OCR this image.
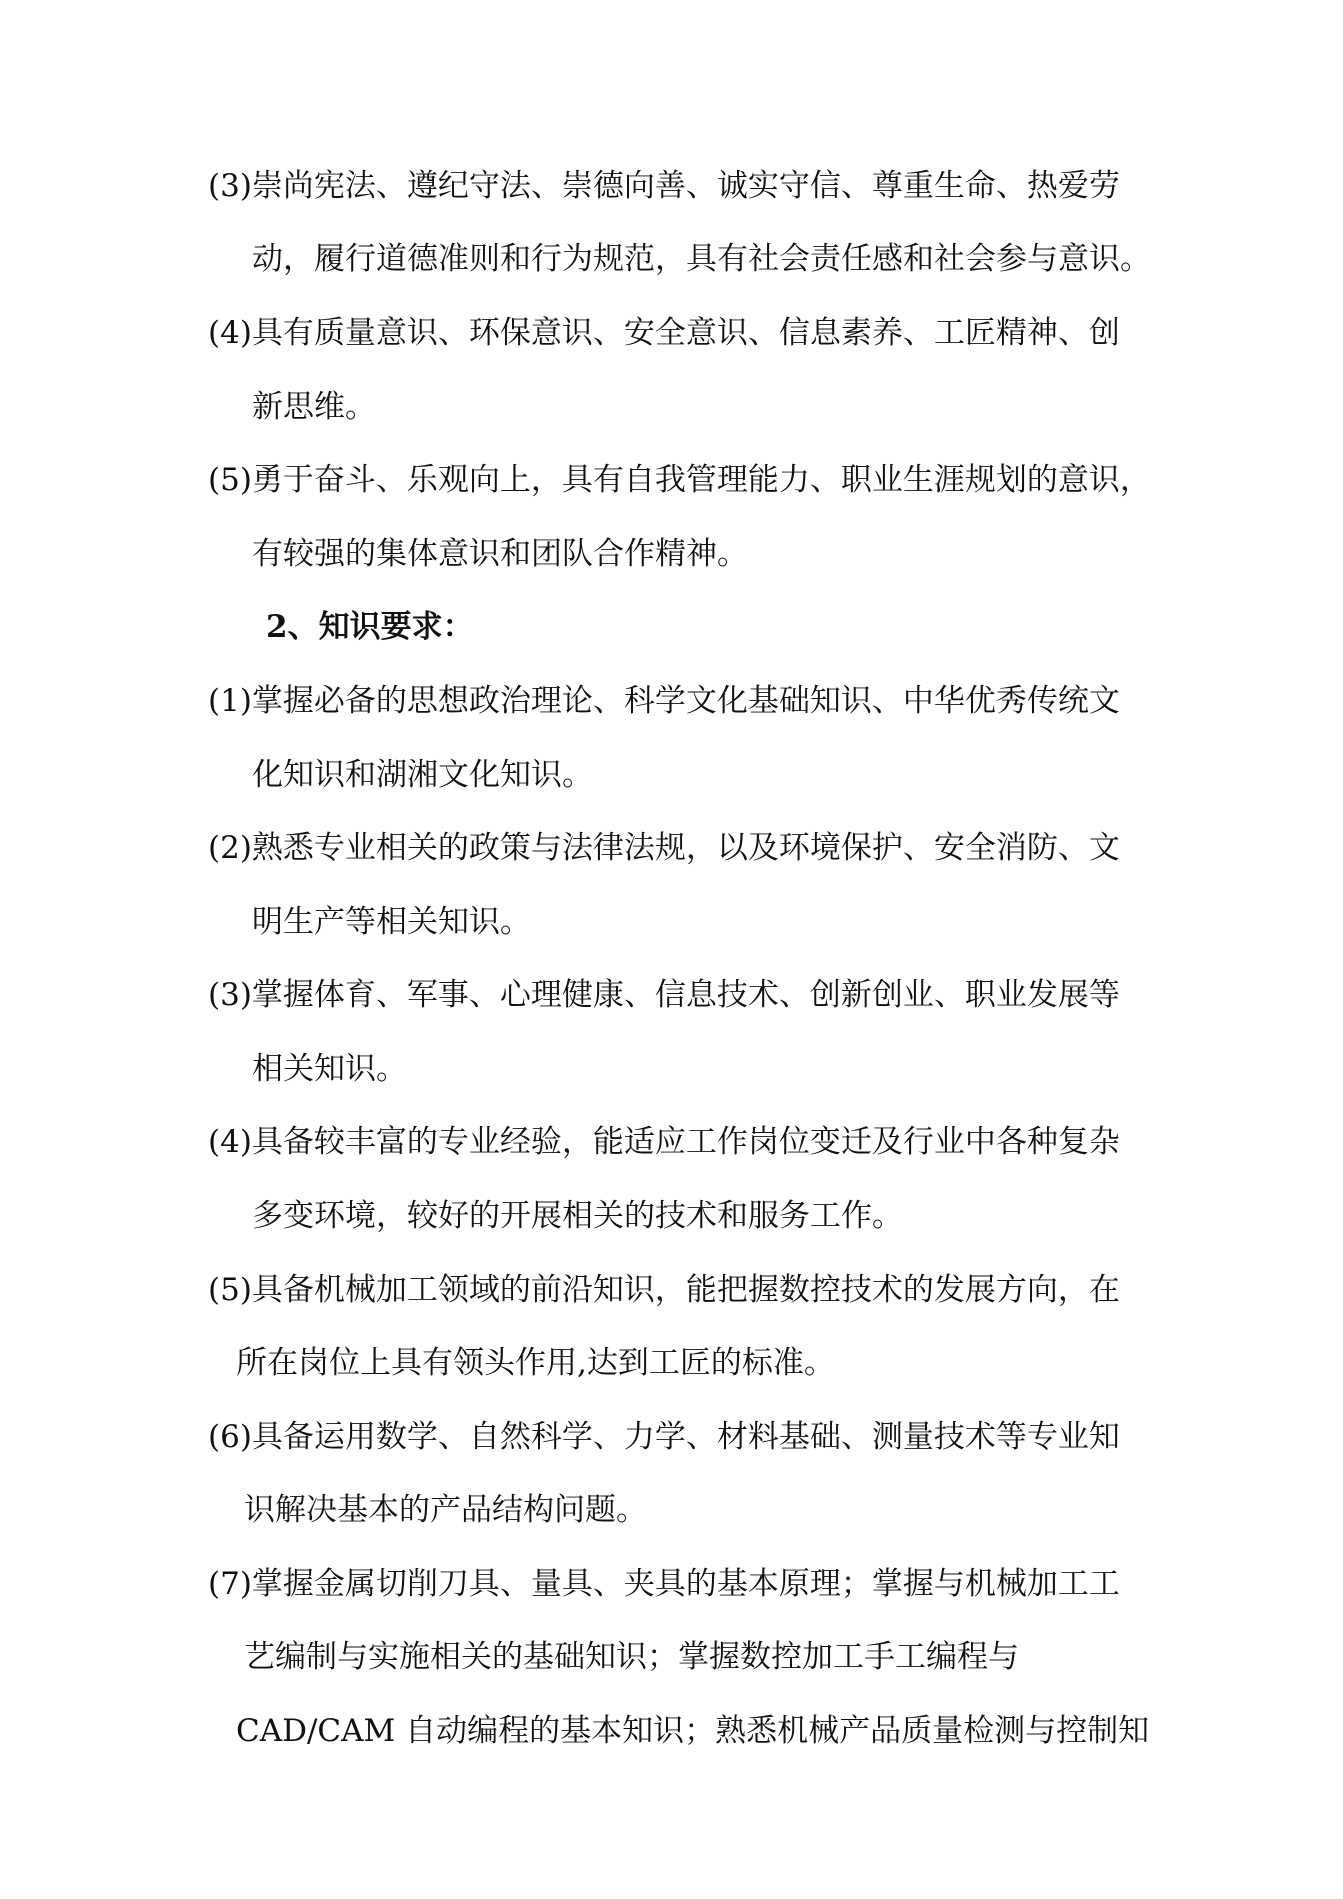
(3)崇尚宪法、遵纪守法、崇德向善、诚实守信、尊重生命、热爱劳
动，履行道德准则和行为规范，具有社会责任感和社会参与意识。
(4)具有质量意识、环保意识、安全意识、信息素养、工匠精神、创
新思维。
(5)勇于奋斗、乐观向上，具有自我管理能力、职业生涯规划的意识，
有较强的集体意识和团队合作精神。
2、知识要求：
(1)掌握必备的思想政治理论、科学文化基础知识、中华优秀传统文
化知识和湖湘文化知识。
(2)熟悉专业相关的政策与法律法规，以及环境保护、安全消防、文
明生产等相关知识。
(3)掌握体育、军事、心理健康、信息技术、创新创业、职业发展等
相关知识。
(4)具备较丰富的专业经验，能适应工作岗位变迁及行业中各种复杂
多变环境，较好的开展相关的技术和服务工作。
(5)具备机械加工领域的前沿知识，能把握数控技术的发展方向，在
所在岗位上具有领头作用,达到工匠的标准。
(6)具备运用数学、自然科学、力学、材料基础、测量技术等专业知
识解决基本的产品结构问题。
(7)掌握金属切削刀具、量具、夹具的基本原理；掌握与机械加工工
艺编制与实施相关的基础知识；掌握数控加工手工编程与
CAD/CAM 自动编程的基本知识；熟悉机械产品质量检测与控制知
